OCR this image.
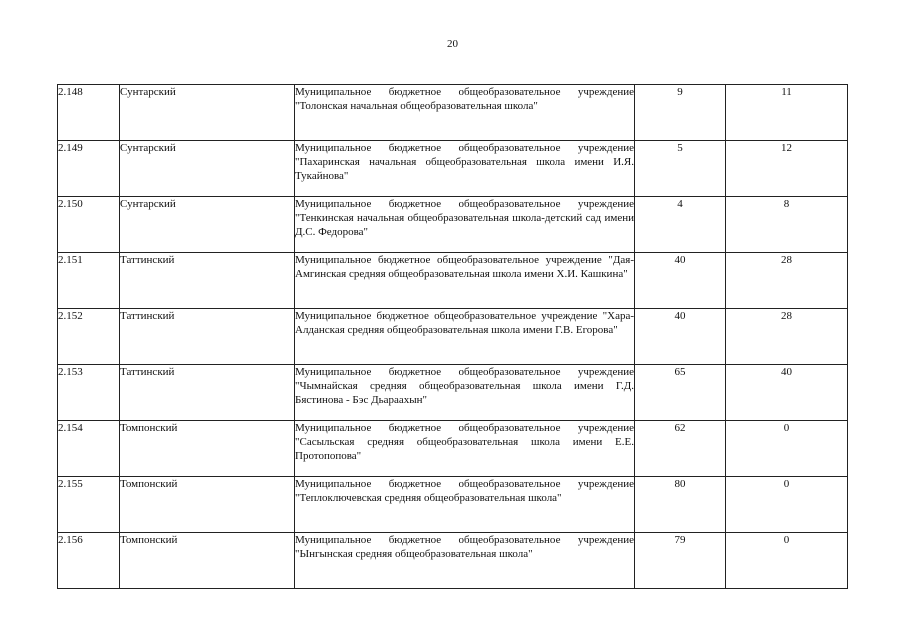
20
2.148	Сунтарский	Муниципальное бюджетное общеобразовательное учреждение "Толонская начальная общеобразовательная школа"	9	11
2.149	Сунтарский	Муниципальное бюджетное общеобразовательное учреждение "Пахаринская начальная общеобразовательная школа имени И.Я. Тукайнова"	5	12
2.150	Сунтарский	Муниципальное бюджетное общеобразовательное учреждение "Тенкинская начальная общеобразовательная школа-детский сад имени Д.С. Федорова"	4	8
2.151	Таттинский	Муниципальное бюджетное общеобразовательное учреждение "Дая-Амгинская средняя общеобразовательная школа имени Х.И. Кашкина"	40	28
2.152	Таттинский	Муниципальное бюджетное общеобразовательное учреждение "Хара-Алданская средняя общеобразовательная школа имени Г.В. Егорова"	40	28
2.153	Таттинский	Муниципальное бюджетное общеобразовательное учреждение "Чымнайская средняя общеобразовательная школа имени Г.Д. Бястинова - Бэс Дьараахын"	65	40
2.154	Томпонский	Муниципальное бюджетное общеобразовательное учреждение "Сасыльская средняя общеобразовательная школа имени Е.Е. Протопопова"	62	0
2.155	Томпонский	Муниципальное бюджетное общеобразовательное учреждение "Теплоключевская средняя общеобразовательная школа"	80	0
2.156	Томпонский	Муниципальное бюджетное общеобразовательное учреждение "Ынгынская средняя общеобразовательная школа"	79	0
